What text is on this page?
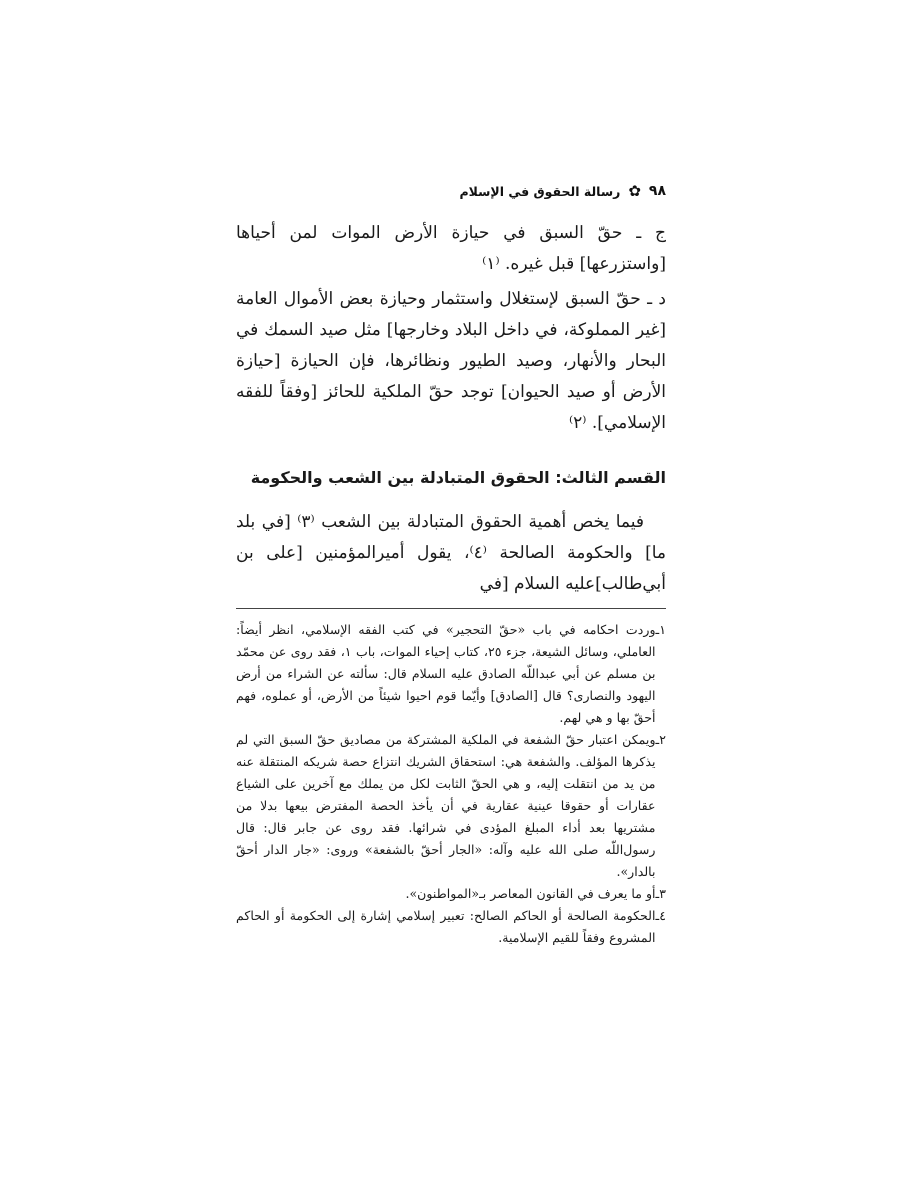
٩٨
✿
رسالة الحقوق في الإسلام

ج ـ حقّ السبق في حيازة الأرض الموات لمن أحياها [واستزرعها] قبل غيره. ⁽١⁾

د ـ حقّ السبق لإستغلال واستثمار وحيازة بعض الأموال العامة [غير المملوكة، في داخل البلاد وخارجها] مثل صيد السمك في البحار والأنهار، وصيد الطيور ونظائرها، فإن الحيازة [حيازة الأرض أو صيد الحيوان] توجد حقّ الملكية للحائز [وفقاً للفقه الإسلامي]. ⁽٢⁾

القسم الثالث: الحقوق المتبادلة بين الشعب والحكومة
فيما يخص أهمية الحقوق المتبادلة بين الشعب ⁽٣⁾ [في بلد ما] والحكومة الصالحة ⁽٤⁾، يقول أميرالمؤمنين [على بن أبي‌طالب]عليه السلام [في
١ـ
وردت احكامه في باب «حقّ التحجير» في كتب الفقه الإسلامي، انظر أيضاً: العاملي، وسائل الشيعة، جزء ٢٥، كتاب إحياء الموات، باب ١، فقد روى عن محمّد بن مسلم عن أبي عبداللّه الصادق عليه السلام قال: سألته عن الشراء من أرض اليهود والنصارى؟ قال [الصادق] وأيّما قوم احيوا شيئاً من الأرض، أو عملوه، فهم أحقّ بها و هي لهم.
٢ـ
ويمكن اعتبار حقّ الشفعة في الملكية المشتركة من مصاديق حقّ السبق التي لم يذكرها المؤلف. والشفعة هي: استحقاق الشريك انتزاع حصة شريكه المنتقلة عنه من يد من انتقلت إليه، و هي الحقّ الثابت لكل من يملك مع آخرين على الشياع عقارات أو حقوقا عينية عقارية في أن يأخذ الحصة المفترض بيعها بدلا من مشتريها بعد أداء المبلغ المؤدى في شرائها. فقد روى عن جابر قال: قال رسول‌اللّه صلى الله عليه وآله: «الجار أحقّ بالشفعة» وروى: «جار الدار أحقّ بالدار».
٣ـ
أو ما يعرف في القانون المعاصر بـ«المواطنون».
٤ـ
الحكومة الصالحة أو الحاكم الصالح: تعبير إسلامي إشارة إلى الحكومة أو الحاكم المشروع وفقاً للقيم الإسلامية.
